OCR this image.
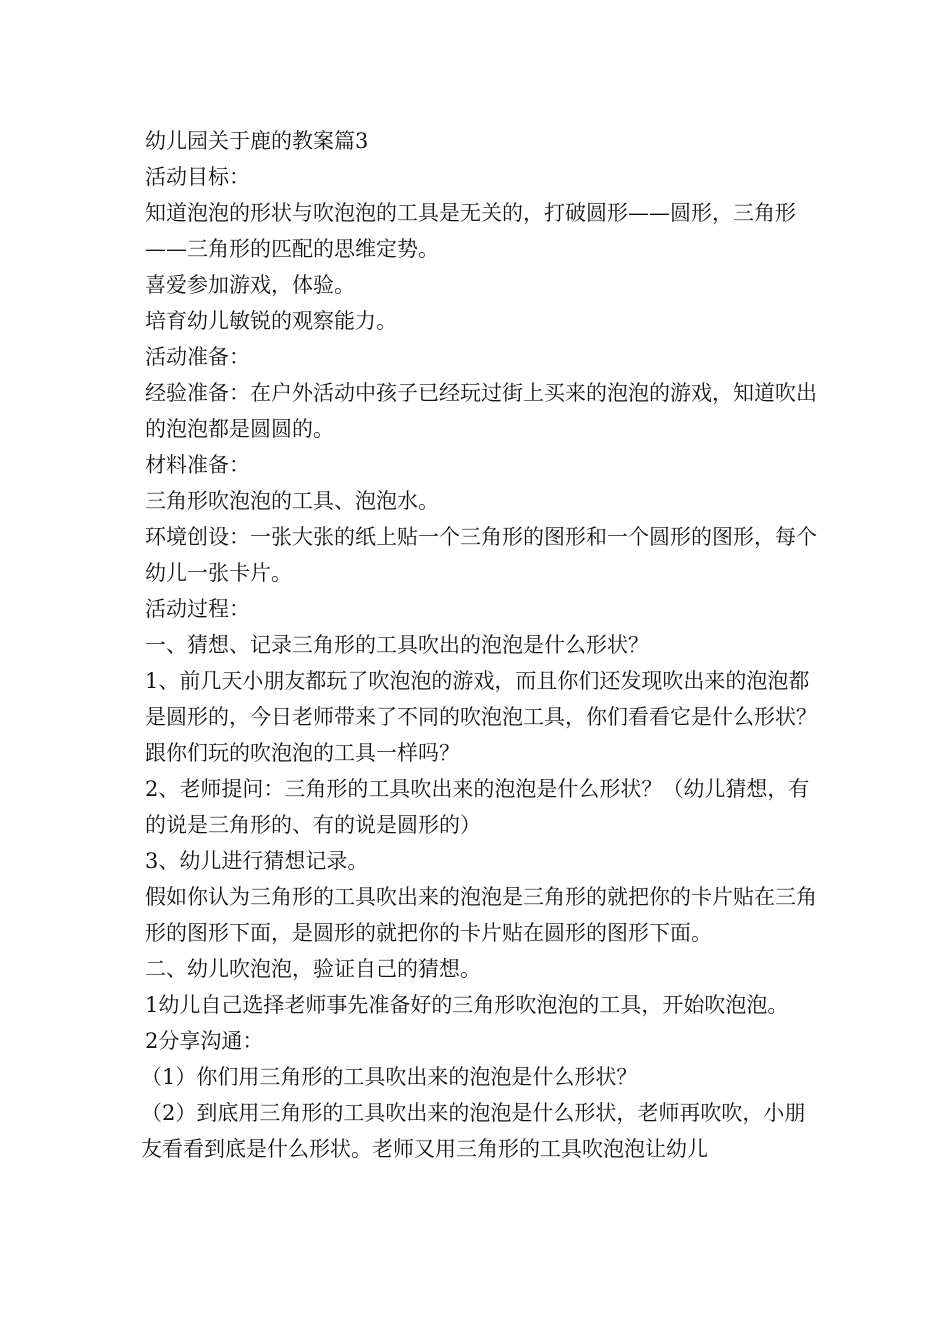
幼儿园关于鹿的教案篇3

活动目标：

知道泡泡的形状与吹泡泡的工具是无关的，打破圆形——圆形，三角形——三角形的匹配的思维定势。

喜爱参加游戏，体验。

培育幼儿敏锐的观察能力。

活动准备：

经验准备：在户外活动中孩子已经玩过街上买来的泡泡的游戏，知道吹出的泡泡都是圆圆的。

材料准备：

三角形吹泡泡的工具、泡泡水。

环境创设：一张大张的纸上贴一个三角形的图形和一个圆形的图形，每个幼儿一张卡片。

活动过程：

一、猜想、记录三角形的工具吹出的泡泡是什么形状？

1、前几天小朋友都玩了吹泡泡的游戏，而且你们还发现吹出来的泡泡都是圆形的，今日老师带来了不同的吹泡泡工具，你们看看它是什么形状？跟你们玩的吹泡泡的工具一样吗？

2、老师提问：三角形的工具吹出来的泡泡是什么形状？（幼儿猜想，有的说是三角形的、有的说是圆形的）

3、幼儿进行猜想记录。

假如你认为三角形的工具吹出来的泡泡是三角形的就把你的卡片贴在三角形的图形下面，是圆形的就把你的卡片贴在圆形的图形下面。

二、幼儿吹泡泡，验证自己的猜想。

1幼儿自己选择老师事先准备好的三角形吹泡泡的工具，开始吹泡泡。

2分享沟通：

（1）你们用三角形的工具吹出来的泡泡是什么形状？

（2）到底用三角形的工具吹出来的泡泡是什么形状，老师再吹吹，小朋友看看到底是什么形状。老师又用三角形的工具吹泡泡让幼儿
